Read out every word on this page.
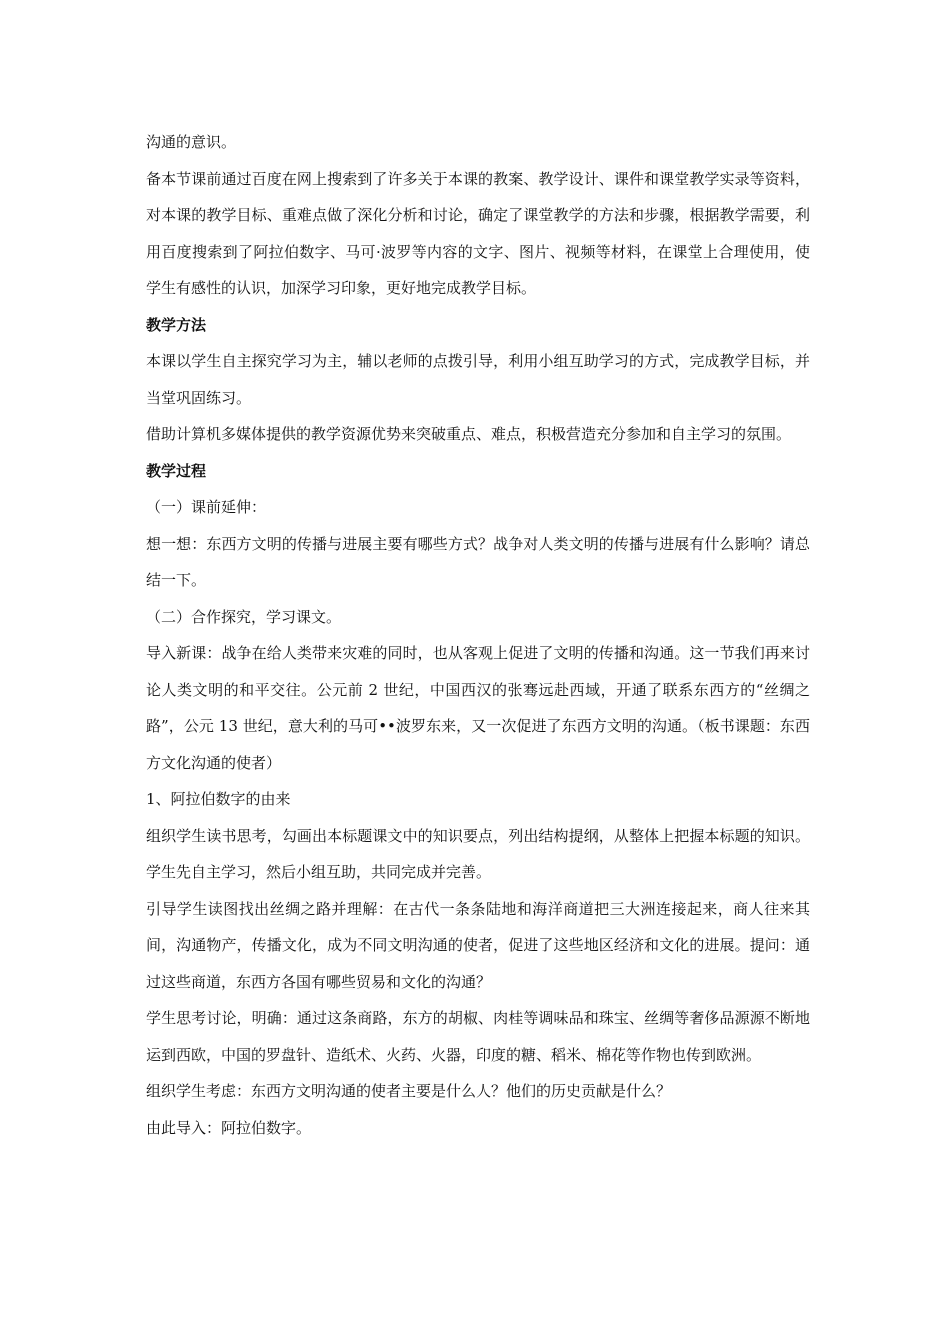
沟通的意识。

备本节课前通过百度在网上搜索到了许多关于本课的教案、教学设计、课件和课堂教学实录等资料，对本课的教学目标、重难点做了深化分析和讨论，确定了课堂教学的方法和步骤，根据教学需要，利用百度搜索到了阿拉伯数字、马可·波罗等内容的文字、图片、视频等材料，在课堂上合理使用，使学生有感性的认识，加深学习印象，更好地完成教学目标。

教学方法

本课以学生自主探究学习为主，辅以老师的点拨引导，利用小组互助学习的方式，完成教学目标，并当堂巩固练习。

借助计算机多媒体提供的教学资源优势来突破重点、难点，积极营造充分参加和自主学习的氛围。

教学过程

（一）课前延伸：

想一想：东西方文明的传播与进展主要有哪些方式？战争对人类文明的传播与进展有什么影响？请总结一下。

（二）合作探究，学习课文。

导入新课：战争在给人类带来灾难的同时，也从客观上促进了文明的传播和沟通。这一节我们再来讨论人类文明的和平交往。公元前 2 世纪，中国西汉的张骞远赴西域，开通了联系东西方的“丝绸之路”，公元 13 世纪，意大利的马可••波罗东来，又一次促进了东西方文明的沟通。（板书课题：东西方文化沟通的使者）

1、阿拉伯数字的由来

组织学生读书思考，勾画出本标题课文中的知识要点，列出结构提纲，从整体上把握本标题的知识。学生先自主学习，然后小组互助，共同完成并完善。

引导学生读图找出丝绸之路并理解：在古代一条条陆地和海洋商道把三大洲连接起来，商人往来其间，沟通物产，传播文化，成为不同文明沟通的使者，促进了这些地区经济和文化的进展。提问：通过这些商道，东西方各国有哪些贸易和文化的沟通？

学生思考讨论，明确：通过这条商路，东方的胡椒、肉桂等调味品和珠宝、丝绸等奢侈品源源不断地运到西欧，中国的罗盘针、造纸术、火药、火器，印度的糖、稻米、棉花等作物也传到欧洲。

组织学生考虑：东西方文明沟通的使者主要是什么人？他们的历史贡献是什么？

由此导入：阿拉伯数字。
